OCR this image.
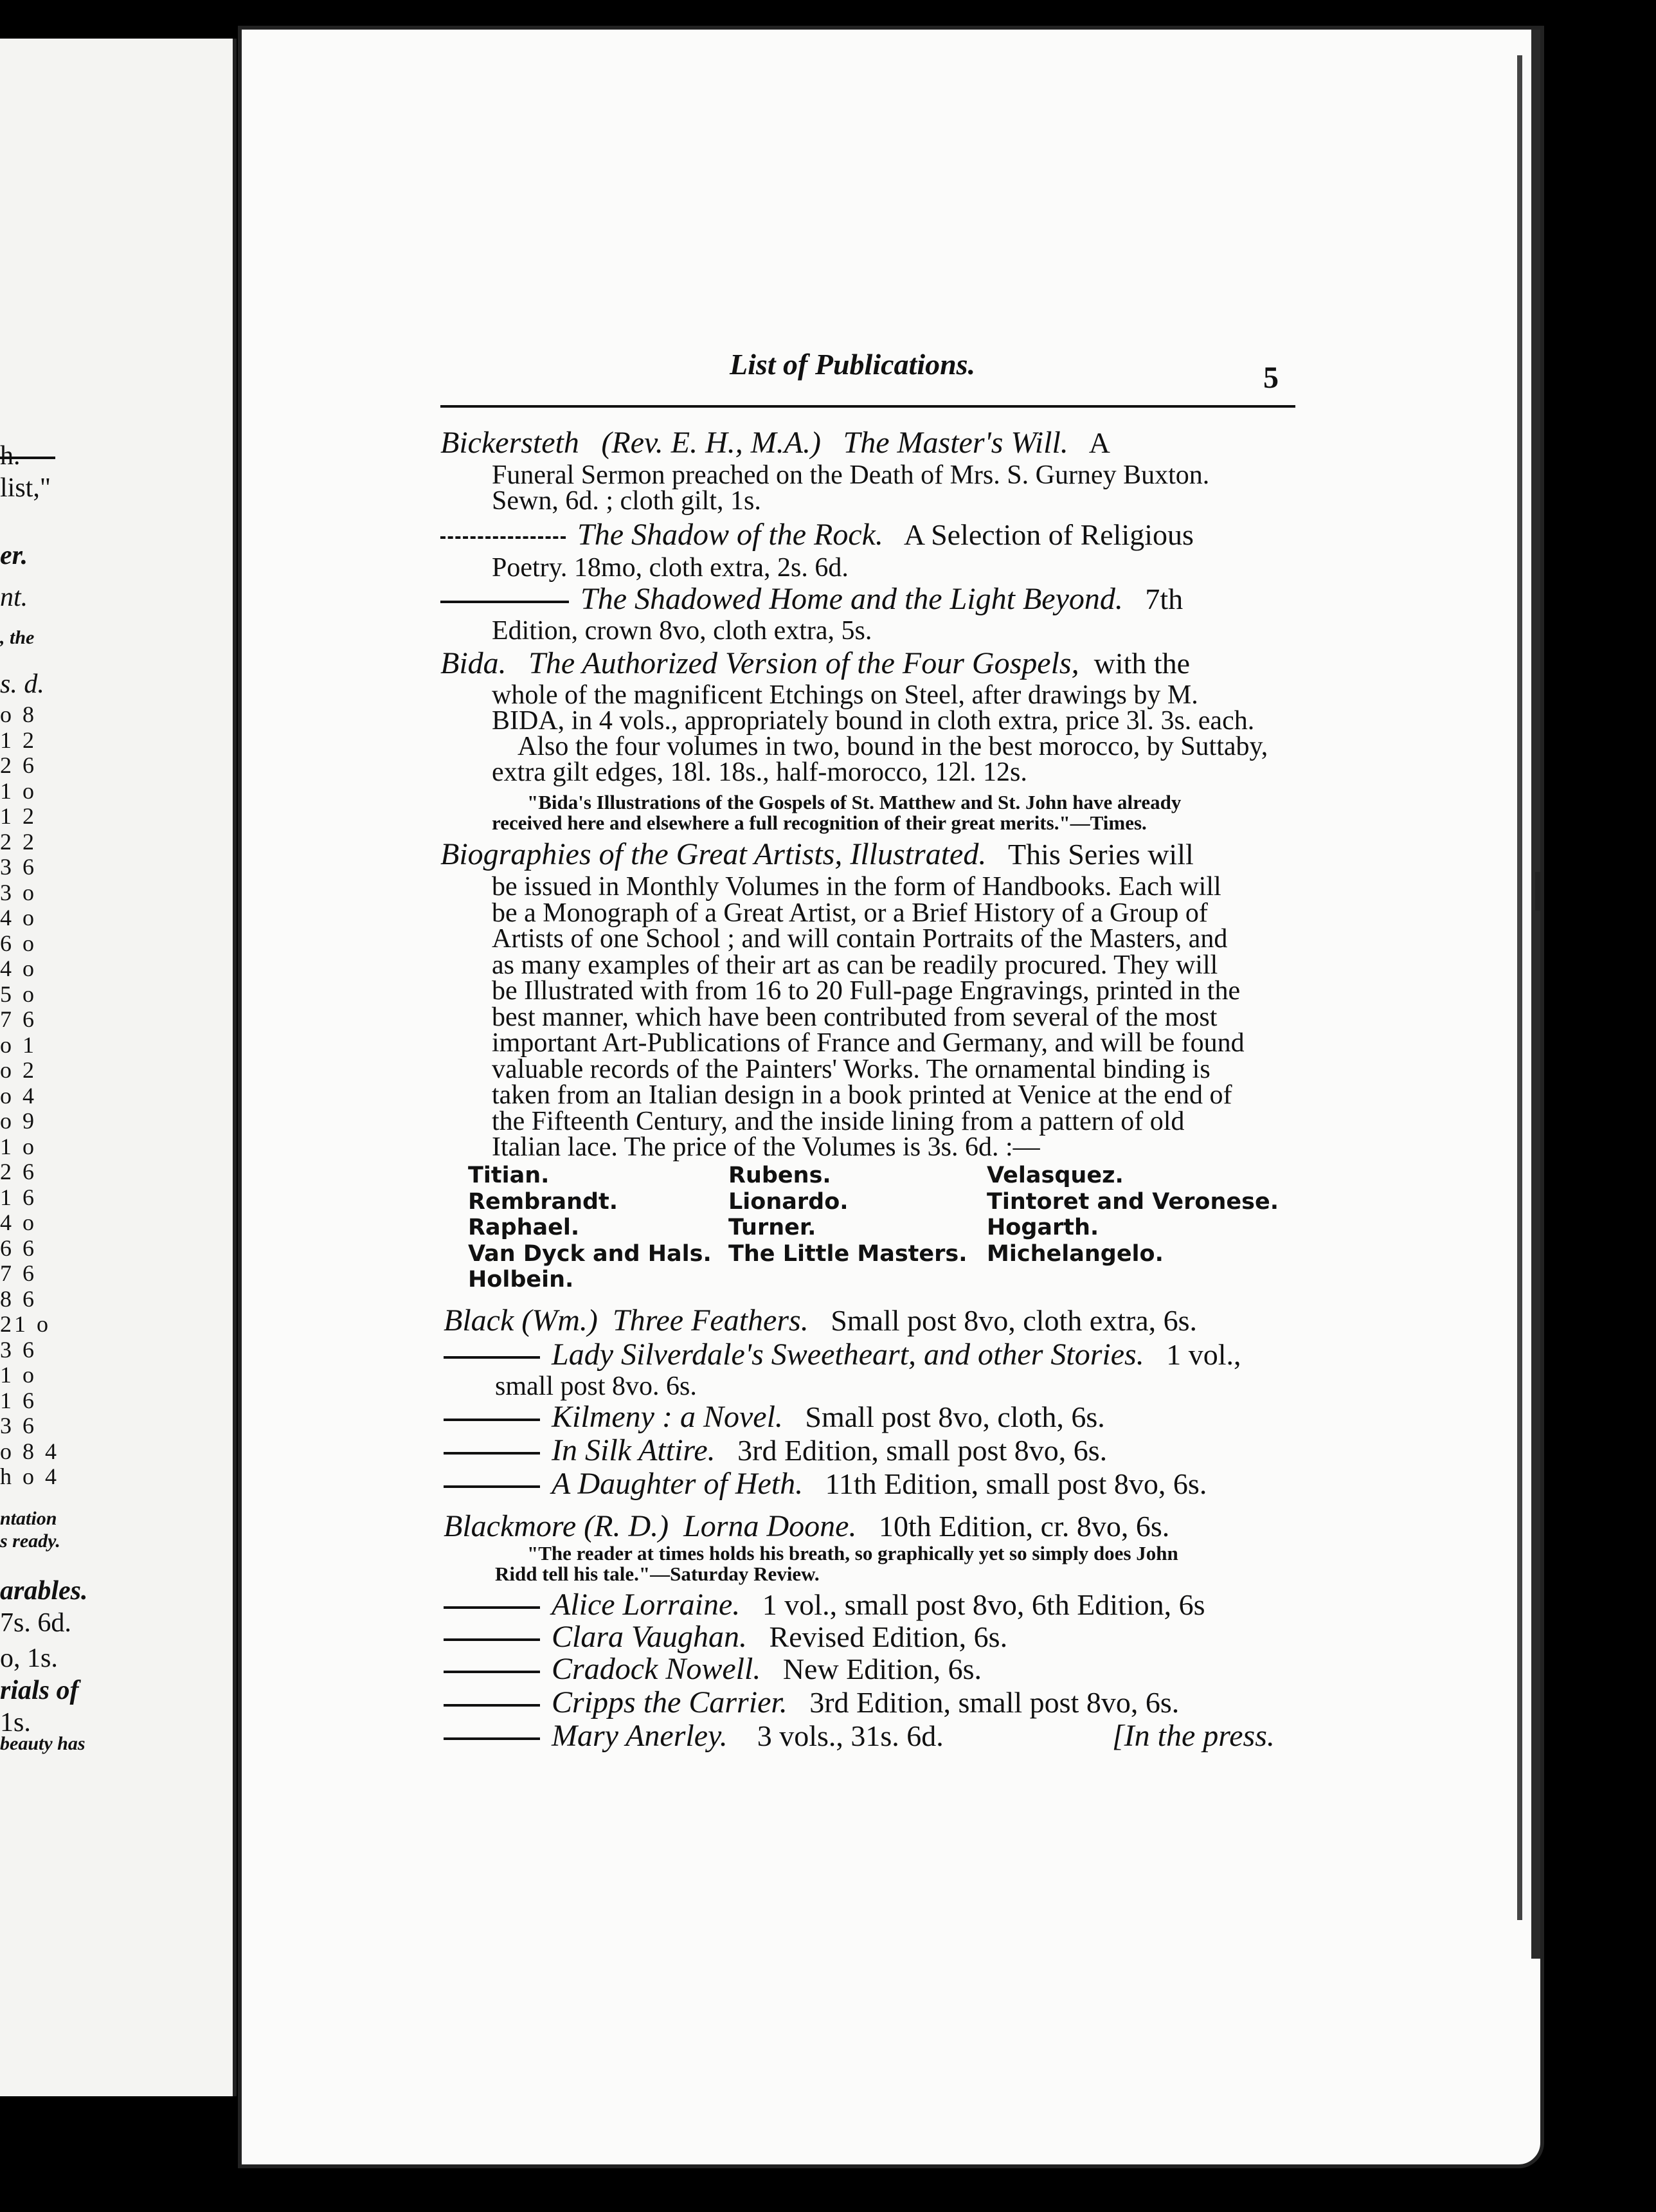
h.
list,"
er.
nt.
, the
s. d.
o 8
1 2
2 6
1 o
1 2
2 2
3 6
3 o
4 o
6 o
4 o
5 o
7 6
o 1
o 2
o 4
o 9
1 o
2 6
1 6
4 o
6 6
7 6
8 6
21 o
3 6
1 o
1 6
3 6
o 8 4
h o 4
ntation
s ready.
arables.
7s. 6d.
o, 1s.
rials of
1s.
beauty has
List of Publications.	5
Bickersteth (Rev. E. H., M.A.) The Master's Will. A
Funeral Sermon preached on the Death of Mrs. S. Gurney Buxton.
Sewn, 6d. ; cloth gilt, 1s.
The Shadow of the Rock. A Selection of Religious
Poetry. 18mo, cloth extra, 2s. 6d.
The Shadowed Home and the Light Beyond. 7th
Edition, crown 8vo, cloth extra, 5s.
Bida. The Authorized Version of the Four Gospels, with the
whole of the magnificent Etchings on Steel, after drawings by M.
BIDA, in 4 vols., appropriately bound in cloth extra, price 3l. 3s. each.
Also the four volumes in two, bound in the best morocco, by Suttaby,
extra gilt edges, 18l. 18s., half-morocco, 12l. 12s.
"Bida's Illustrations of the Gospels of St. Matthew and St. John have already
received here and elsewhere a full recognition of their great merits."—Times.
Biographies of the Great Artists, Illustrated. This Series will
be issued in Monthly Volumes in the form of Handbooks. Each will
be a Monograph of a Great Artist, or a Brief History of a Group of
Artists of one School ; and will contain Portraits of the Masters, and
as many examples of their art as can be readily procured. They will
be Illustrated with from 16 to 20 Full-page Engravings, printed in the
best manner, which have been contributed from several of the most
important Art-Publications of France and Germany, and will be found
valuable records of the Painters' Works. The ornamental binding is
taken from an Italian design in a book printed at Venice at the end of
the Fifteenth Century, and the inside lining from a pattern of old
Italian lace. The price of the Volumes is 3s. 6d. :—
Titian.
Rembrandt.
Raphael.
Van Dyck and Hals.
Holbein.
Rubens.
Lionardo.
Turner.
The Little Masters.
Velasquez.
Tintoret and Veronese.
Hogarth.
Michelangelo.
Black (Wm.) Three Feathers. Small post 8vo, cloth extra, 6s.
Lady Silverdale's Sweetheart, and other Stories. 1 vol.,
small post 8vo. 6s.
Kilmeny : a Novel. Small post 8vo, cloth, 6s.
In Silk Attire. 3rd Edition, small post 8vo, 6s.
A Daughter of Heth. 11th Edition, small post 8vo, 6s.
Blackmore (R. D.) Lorna Doone. 10th Edition, cr. 8vo, 6s.
"The reader at times holds his breath, so graphically yet so simply does John
Ridd tell his tale."—Saturday Review.
Alice Lorraine. 1 vol., small post 8vo, 6th Edition, 6s
Clara Vaughan. Revised Edition, 6s.
Cradock Nowell. New Edition, 6s.
Cripps the Carrier. 3rd Edition, small post 8vo, 6s.
Mary Anerley. 3 vols., 31s. 6d.	[In the press.
